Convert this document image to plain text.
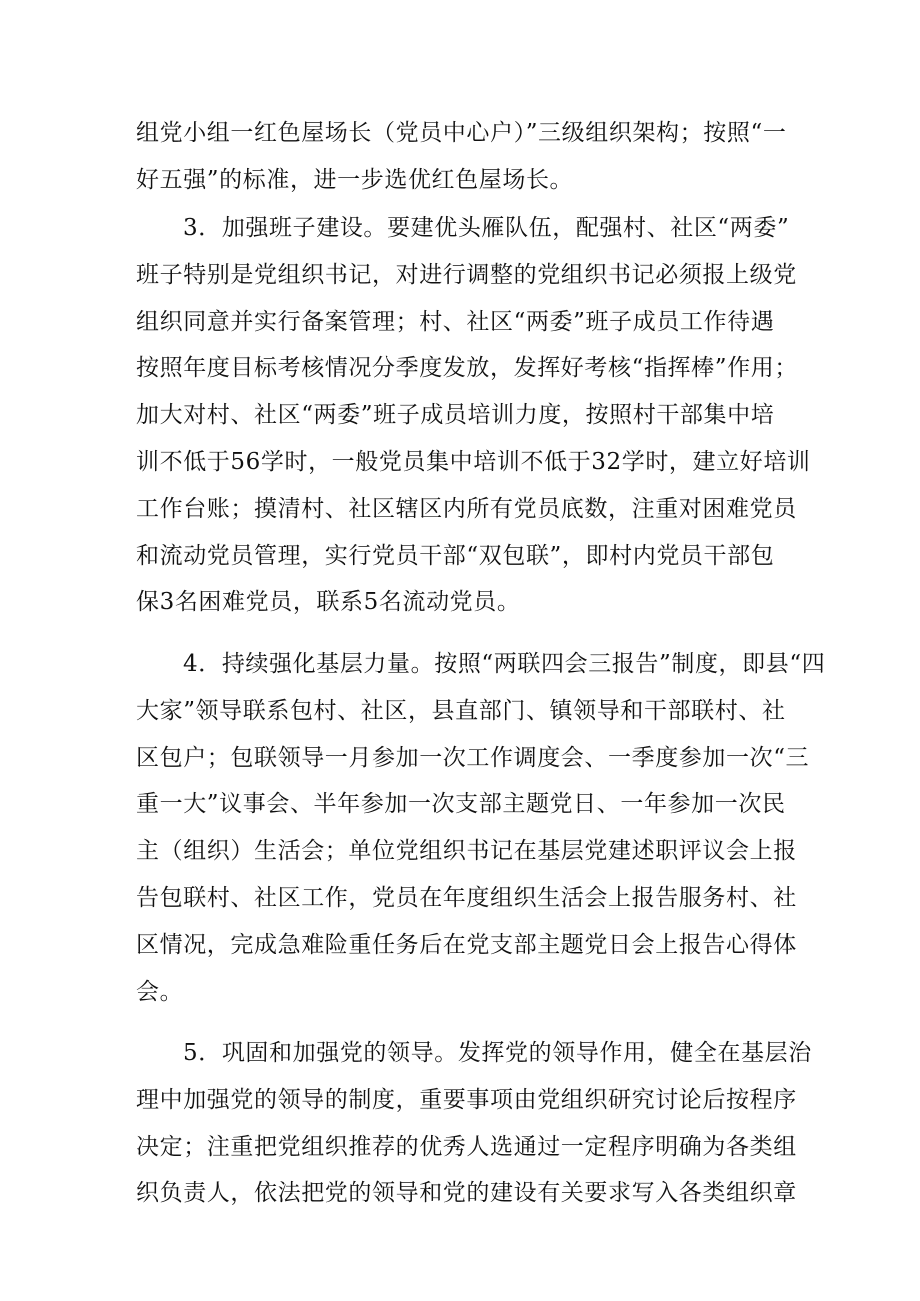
组党小组一红色屋场长（党员中心户）”三级组织架构；按照“一
好五强”的标准，进一步选优红色屋场长。
3．加强班子建设。要建优头雁队伍，配强村、社区“两委”
班子特别是党组织书记，对进行调整的党组织书记必须报上级党
组织同意并实行备案管理；村、社区“两委”班子成员工作待遇
按照年度目标考核情况分季度发放，发挥好考核“指挥棒”作用；
加大对村、社区“两委”班子成员培训力度，按照村干部集中培
训不低于56学时，一般党员集中培训不低于32学时，建立好培训
工作台账；摸清村、社区辖区内所有党员底数，注重对困难党员
和流动党员管理，实行党员干部“双包联”，即村内党员干部包
保3名困难党员，联系5名流动党员。
4．持续强化基层力量。按照“两联四会三报告”制度，即县“四
大家”领导联系包村、社区，县直部门、镇领导和干部联村、社
区包户；包联领导一月参加一次工作调度会、一季度参加一次“三
重一大”议事会、半年参加一次支部主题党日、一年参加一次民
主（组织）生活会；单位党组织书记在基层党建述职评议会上报
告包联村、社区工作，党员在年度组织生活会上报告服务村、社
区情况，完成急难险重任务后在党支部主题党日会上报告心得体
会。
5．巩固和加强党的领导。发挥党的领导作用，健全在基层治
理中加强党的领导的制度，重要事项由党组织研究讨论后按程序
决定；注重把党组织推荐的优秀人选通过一定程序明确为各类组
织负责人，依法把党的领导和党的建设有关要求写入各类组织章
